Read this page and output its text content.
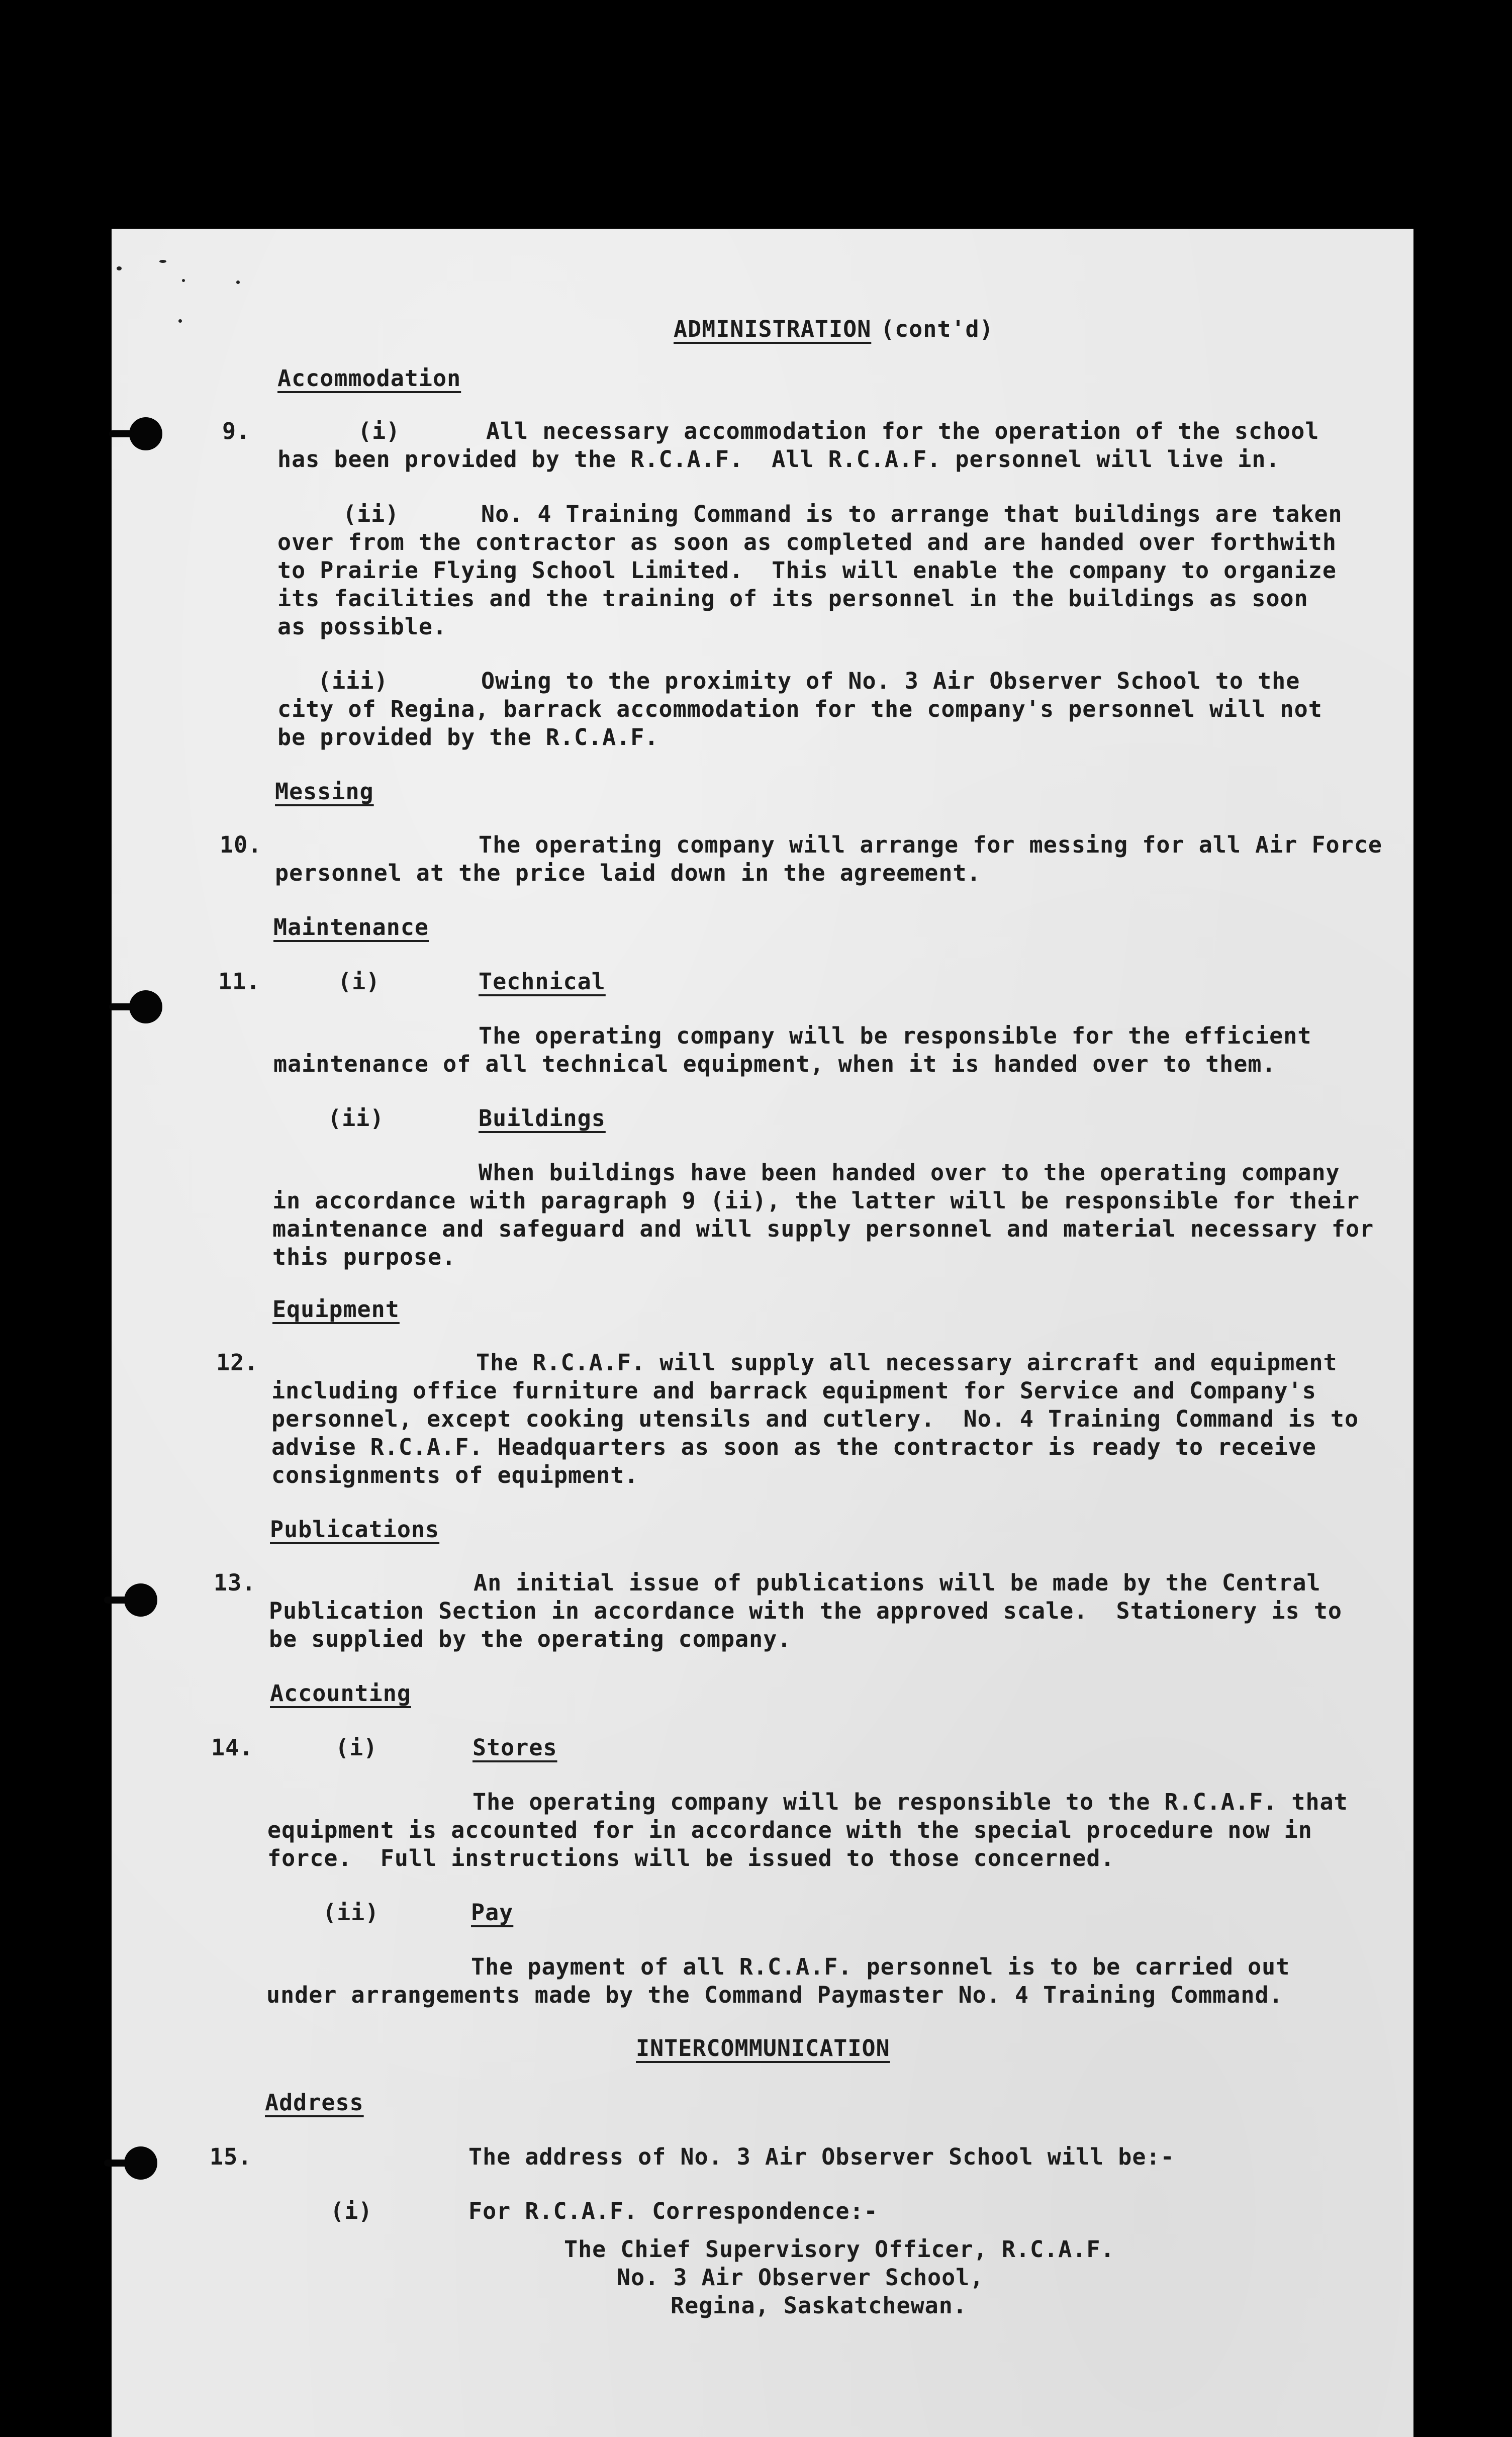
ADMINISTRATION (cont'd)
Accommodation
9.	(i)	All necessary accommodation for the operation of the school
has been provided by the R.C.A.F.  All R.C.A.F. personnel will live in.
(ii)	No. 4 Training Command is to arrange that buildings are taken
over from the contractor as soon as completed and are handed over forthwith
to Prairie Flying School Limited.  This will enable the company to organize
its facilities and the training of its personnel in the buildings as soon
as possible.
(iii)	Owing to the proximity of No. 3 Air Observer School to the
city of Regina, barrack accommodation for the company's personnel will not
be provided by the R.C.A.F.
Messing
10.	The operating company will arrange for messing for all Air Force
personnel at the price laid down in the agreement.
Maintenance
11.	(i)	Technical
The operating company will be responsible for the efficient
maintenance of all technical equipment, when it is handed over to them.
(ii)	Buildings
When buildings have been handed over to the operating company
in accordance with paragraph 9 (ii), the latter will be responsible for their
maintenance and safeguard and will supply personnel and material necessary for
this purpose.
Equipment
12.	The R.C.A.F. will supply all necessary aircraft and equipment
including office furniture and barrack equipment for Service and Company's
personnel, except cooking utensils and cutlery.  No. 4 Training Command is to
advise R.C.A.F. Headquarters as soon as the contractor is ready to receive
consignments of equipment.
Publications
13.	An initial issue of publications will be made by the Central
Publication Section in accordance with the approved scale.  Stationery is to
be supplied by the operating company.
Accounting
14.	(i)	Stores
The operating company will be responsible to the R.C.A.F. that
equipment is accounted for in accordance with the special procedure now in
force.  Full instructions will be issued to those concerned.
(ii)	Pay
The payment of all R.C.A.F. personnel is to be carried out
under arrangements made by the Command Paymaster No. 4 Training Command.
INTERCOMMUNICATION
Address
15.	The address of No. 3 Air Observer School will be:-
(i)	For R.C.A.F. Correspondence:-
The Chief Supervisory Officer, R.C.A.F.
No. 3 Air Observer School,
Regina, Saskatchewan.
